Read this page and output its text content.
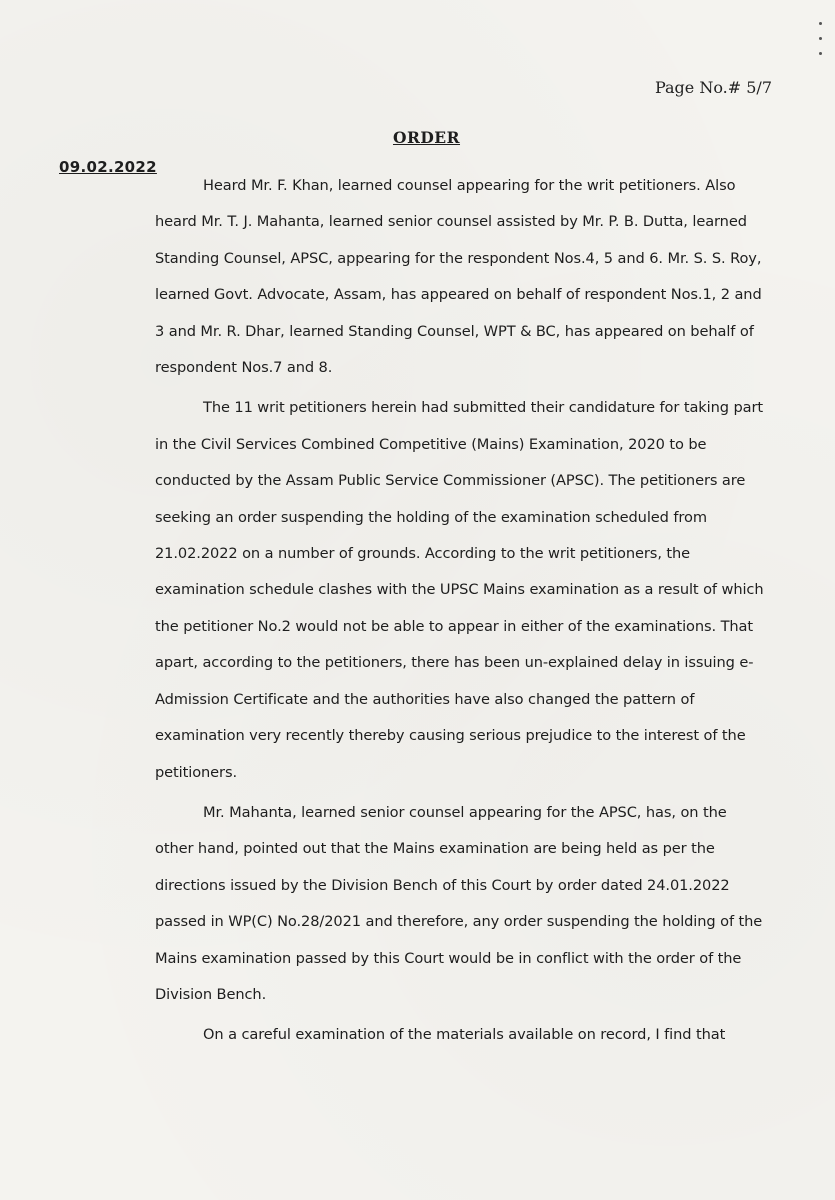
Page No.# 5/7
ORDER
09.02.2022

Heard Mr. F. Khan, learned counsel appearing for the writ petitioners. Also heard Mr. T. J. Mahanta, learned senior counsel assisted by Mr. P. B. Dutta, learned Standing Counsel, APSC, appearing for the respondent Nos.4, 5 and 6. Mr. S. S. Roy, learned Govt. Advocate, Assam, has appeared on behalf of respondent Nos.1, 2 and 3 and Mr. R. Dhar, learned Standing Counsel, WPT & BC, has appeared on behalf of respondent Nos.7 and 8.

The 11 writ petitioners herein had submitted their candidature for taking part in the Civil Services Combined Competitive (Mains) Examination, 2020 to be conducted by the Assam Public Service Commissioner (APSC). The petitioners are seeking an order suspending the holding of the examination scheduled from 21.02.2022 on a number of grounds. According to the writ petitioners, the examination schedule clashes with the UPSC Mains examination as a result of which the petitioner No.2 would not be able to appear in either of the examinations. That apart, according to the petitioners, there has been un-explained delay in issuing e-Admission Certificate and the authorities have also changed the pattern of examination very recently thereby causing serious prejudice to the interest of the petitioners.

Mr. Mahanta, learned senior counsel appearing for the APSC, has, on the other hand, pointed out that the Mains examination are being held as per the directions issued by the Division Bench of this Court by order dated 24.01.2022 passed in WP(C) No.28/2021 and therefore, any order suspending the holding of the Mains examination passed by this Court would be in conflict with the order of the Division Bench.

On a careful examination of the materials available on record, I find that
